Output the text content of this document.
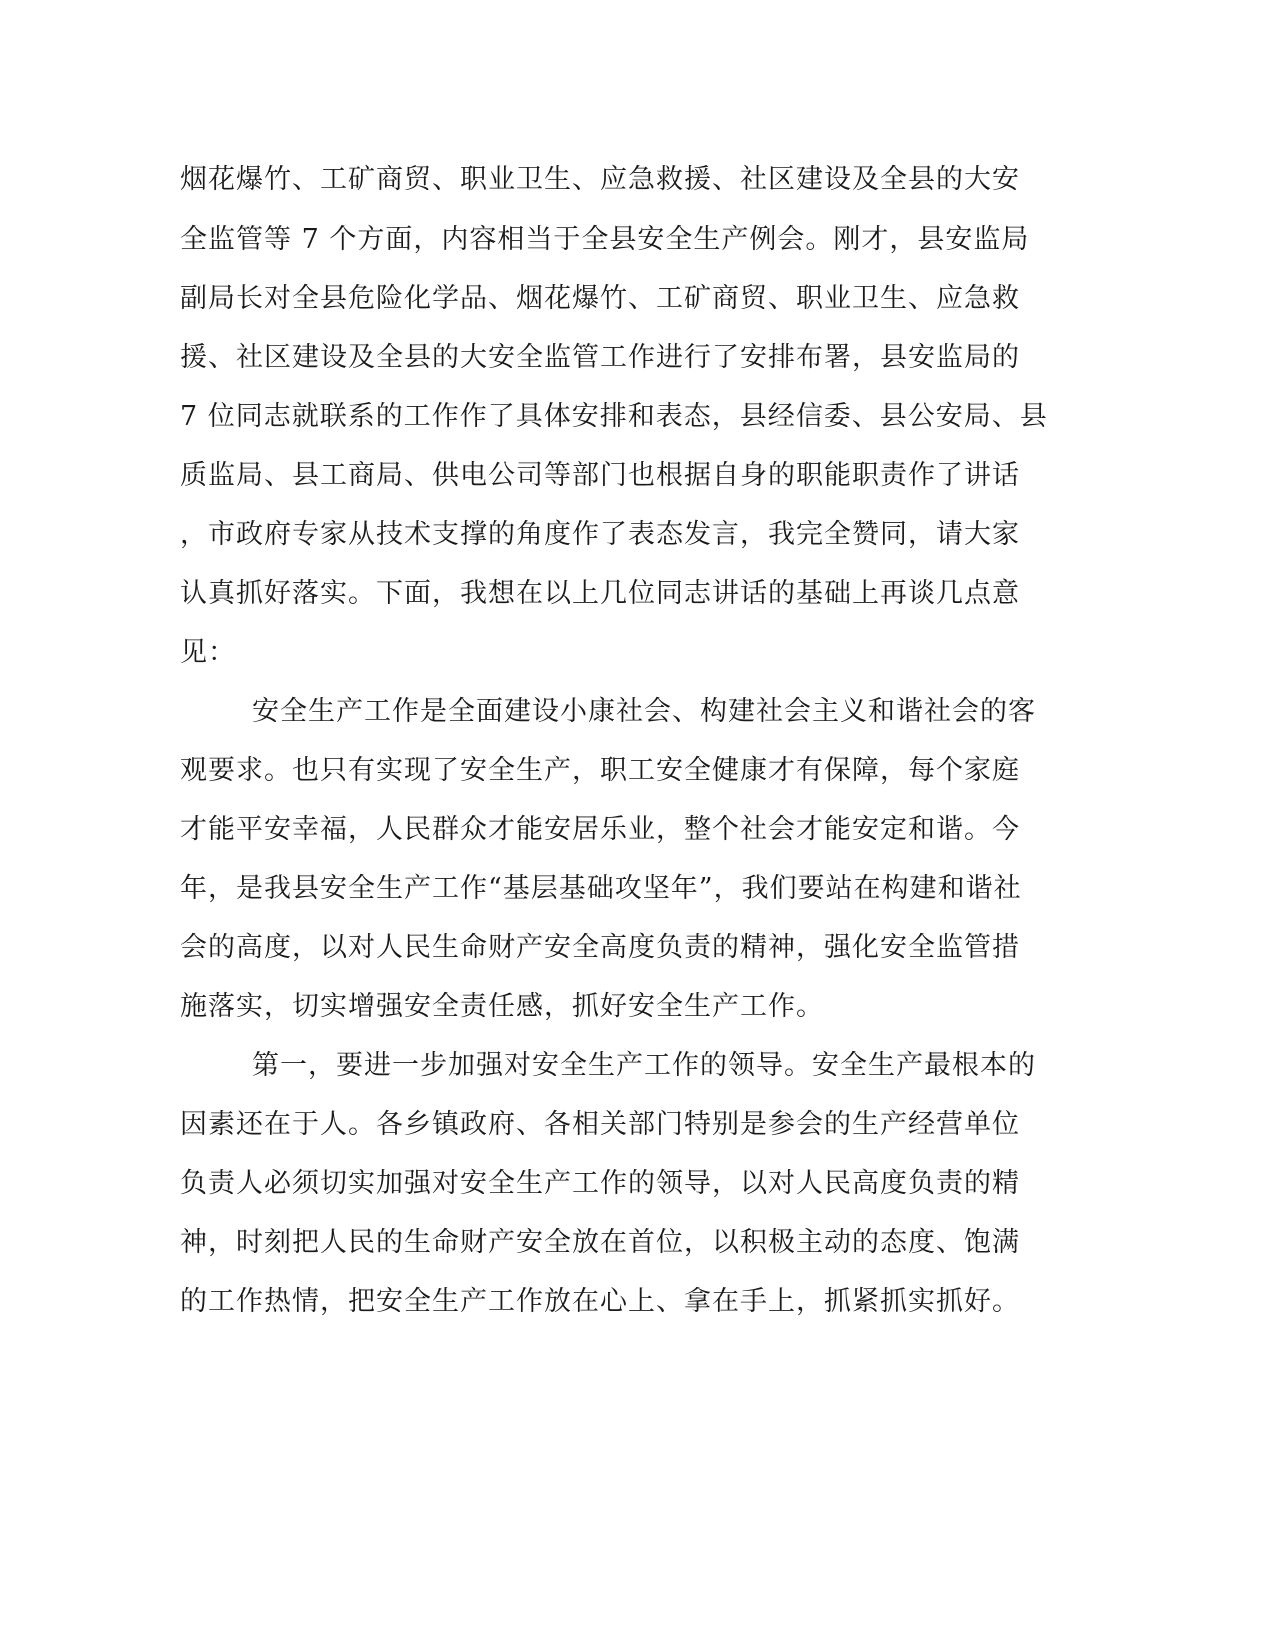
烟花爆竹、工矿商贸、职业卫生、应急救援、社区建设及全县的大安
全监管等 7 个方面，内容相当于全县安全生产例会。刚才，县安监局
副局长对全县危险化学品、烟花爆竹、工矿商贸、职业卫生、应急救
援、社区建设及全县的大安全监管工作进行了安排布署，县安监局的
7 位同志就联系的工作作了具体安排和表态，县经信委、县公安局、县
质监局、县工商局、供电公司等部门也根据自身的职能职责作了讲话
，市政府专家从技术支撑的角度作了表态发言，我完全赞同，请大家
认真抓好落实。下面，我想在以上几位同志讲话的基础上再谈几点意
见：
安全生产工作是全面建设小康社会、构建社会主义和谐社会的客
观要求。也只有实现了安全生产，职工安全健康才有保障，每个家庭
才能平安幸福，人民群众才能安居乐业，整个社会才能安定和谐。今
年，是我县安全生产工作“基层基础攻坚年”，我们要站在构建和谐社
会的高度，以对人民生命财产安全高度负责的精神，强化安全监管措
施落实，切实增强安全责任感，抓好安全生产工作。
第一，要进一步加强对安全生产工作的领导。安全生产最根本的
因素还在于人。各乡镇政府、各相关部门特别是参会的生产经营单位
负责人必须切实加强对安全生产工作的领导，以对人民高度负责的精
神，时刻把人民的生命财产安全放在首位，以积极主动的态度、饱满
的工作热情，把安全生产工作放在心上、拿在手上，抓紧抓实抓好。
